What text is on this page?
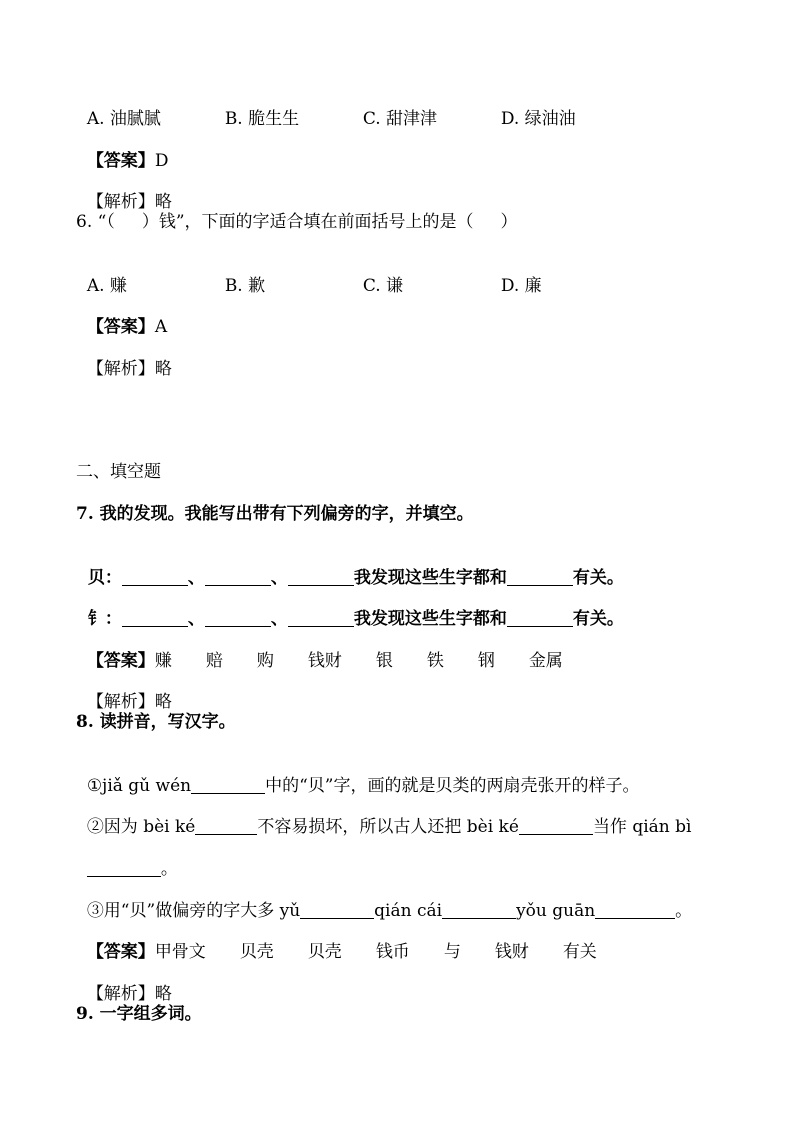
A. 油腻腻	B. 脆生生	C. 甜津津	D. 绿油油

【答案】D

【解析】略

6. “（     ）钱”，下面的字适合填在前面括号上的是（     ）

A. 赚	B. 歉	C. 谦	D. 廉

【答案】A

【解析】略

二、填空题
7. 我的发现。我能写出带有下列偏旁的字，并填空。

贝：	、	、	我发现这些生字都和	有关。

钅：	、	、	我发现这些生字都和	有关。

【答案】赚 赔 购 钱财 银 铁 钢 金属

【解析】略

8. 读拼音，写汉字。

①jiǎ gǔ wén	中的“贝”字，画的就是贝类的两扇壳张开的样子。

②因为 bèi ké	不容易损坏，所以古人还把 bèi ké	当作 qián bì

。

③用“贝”做偏旁的字大多 yǔ	qián cái	yǒu guān	。

【答案】甲骨文 贝壳 贝壳 钱币 与 钱财 有关

【解析】略

9. 一字组多词。
